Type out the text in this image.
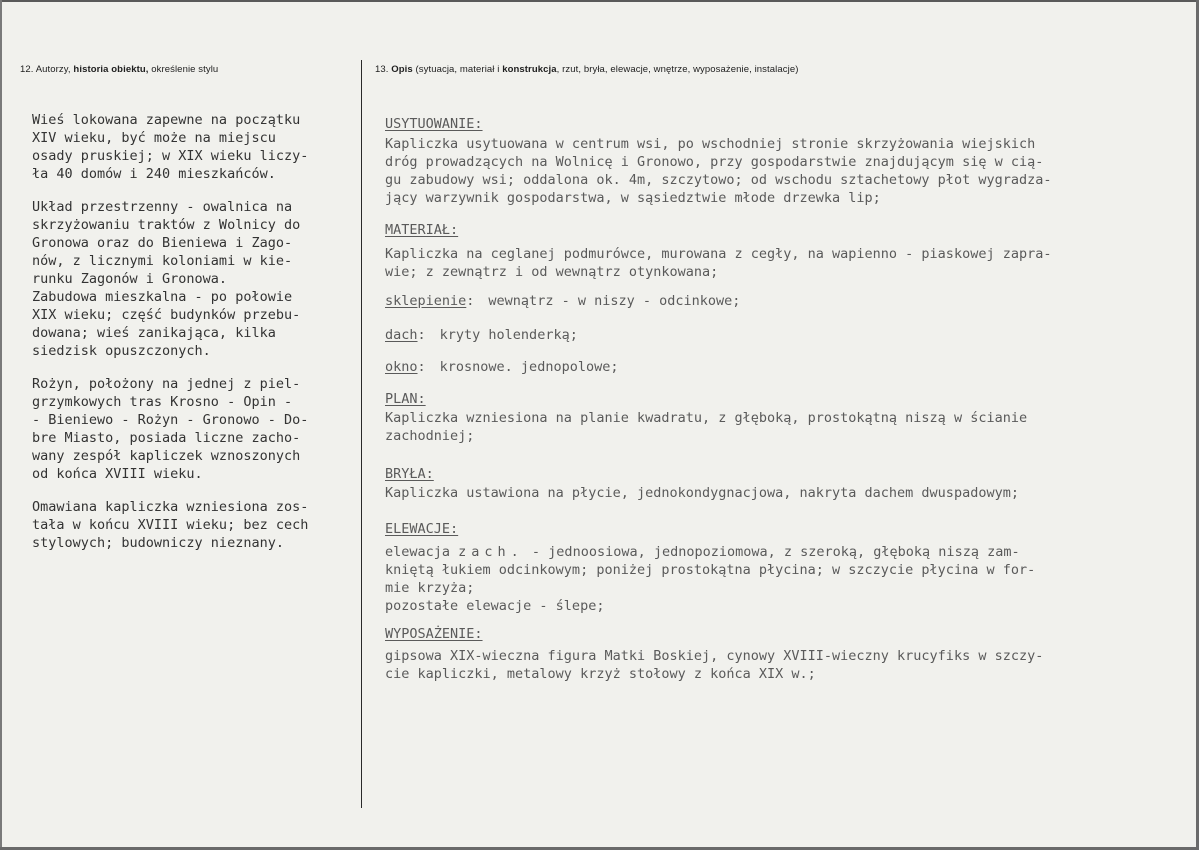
12. Autorzy, historia obiektu, określenie stylu	13. Opis (sytuacja, materiał i konstrukcja, rzut, bryła, elewacje, wnętrze, wyposażenie, instalacje)

Wieś lokowana zapewne na początku
XIV wieku, być może na miejscu
osady pruskiej; w XIX wieku liczy-
ła 40 domów i 240 mieszkańców.

Układ przestrzenny - owalnica na
skrzyżowaniu traktów z Wolnicy do
Gronowa oraz do Bieniewa i Zago-
nów, z licznymi koloniami w kie-
runku Zagonów i Gronowa.
Zabudowa mieszkalna - po połowie
XIX wieku; część budynków przebu-
dowana; wieś zanikająca, kilka
siedzisk opuszczonych.

Rożyn, położony na jednej z piel-
grzymkowych tras Krosno - Opin -
- Bieniewo - Rożyn - Gronowo - Do-
bre Miasto, posiada liczne zacho-
wany zespół kapliczek wznoszonych
od końca XVIII wieku.

Omawiana kapliczka wzniesiona zos-
tała w końcu XVIII wieku; bez cech
stylowych; budowniczy nieznany.

USYTUOWANIE:
Kapliczka usytuowana w centrum wsi, po wschodniej stronie skrzyżowania wiejskich
dróg prowadzących na Wolnicę i Gronowo, przy gospodarstwie znajdującym się w cią-
gu zabudowy wsi; oddalona ok. 4m, szczytowo; od wschodu sztachetowy płot wygradza-
jący warzywnik gospodarstwa, w sąsiedztwie młode drzewka lip;
MATERIAŁ:
Kapliczka na ceglanej podmurówce, murowana z cegły, na wapienno - piaskowej zapra-
wie; z zewnątrz i od wewnątrz otynkowana;
sklepienie: wewnątrz - w niszy - odcinkowe;
dach: kryty holenderką;
okno: krosnowe. jednopolowe;
PLAN:
Kapliczka wzniesiona na planie kwadratu, z głęboką, prostokątną niszą w ścianie
zachodniej;
BRYŁA:
Kapliczka ustawiona na płycie, jednokondygnacjowa, nakryta dachem dwuspadowym;
ELEWACJE:
elewacja zach. - jednoosiowa, jednopoziomowa, z szeroką, głęboką niszą zam-
kniętą łukiem odcinkowym; poniżej prostokątna płycina; w szczycie płycina w for-
mie krzyża;
pozostałe elewacje - ślepe;
WYPOSAŻENIE:
gipsowa XIX-wieczna figura Matki Boskiej, cynowy XVIII-wieczny krucyfiks w szczy-
cie kapliczki, metalowy krzyż stołowy z końca XIX w.;
